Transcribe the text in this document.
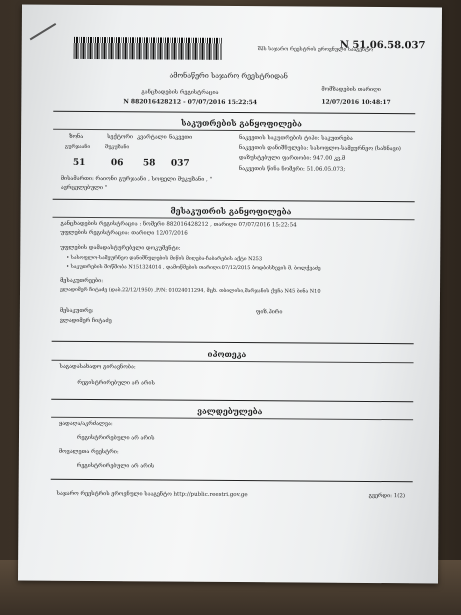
შპს საჯარო რეესტრის ეროვნული სააგენტო
N 51.06.58.037
ამონაწერი საჯარო რეესტრიდან
განცხადების რეგისტრაცია
N 882016428212 - 07/07/2016 15:22:54
მომზადების თარიღი
12/07/2016 10:48:17
საკუთრების განყოფილება
ზონა	სექტორი კვარტალი ნაკვეთი
გურჯაანი	მუკუზანი
51	06 58 037
მისამართი: რაიონი გურჯაანი , სოფელი მუკუზანი , "
ავრცელებული "
ნაკვეთის საკუთრების ტიპი: საკუთრება
ნაკვეთის დანიშნულება: სასოფლო-სამეურნეო (სახნავი)
დაზუსტებული ფართობი: 947.00 კვ.მ
ნაკვეთის წინა ნომერი: 51.06.05.073;
მესაკუთრის განყოფილება
განცხადების რეგისტრაცია : ნომერი 882016428212 , თარიღი 07/07/2016 15:22:54
უფლების რეგისტრაცია: თარიღი 12/07/2016
უფლების დამადასტურებელი დოკუმენტი:
• სასოფლო-სამეურნეო დანიშნულების მიწის მიღება-ჩაბარების აქტი N253
• საკუთრების მოწმობა N151324014 , დამოწმების თარიღი:07/12/2015 ბოდბისხევის მ. ბოლქვაძე
მესაკუთრეები:
ვლადიმერ ჩიტაძე (დაბ.22/12/1950) ,P/N: 01024011294, მცხ. თბილისი,მარჯანის ქუჩა N45 ბინა N10
მესაკუთრე:	ფიზ.პირი
ვლადიმერ ჩიტაძე
იპოთეკა
საგადასახადო გირავნობა:
რეგისტრირებული არ არის
ვალდებულება
ყადაღა/აკრძალვა:
რეგისტრირებული არ არის
მოვალეთა რეესტრი:
რეგისტრირებული არ არის
საჯარო რეესტრის ეროვნული სააგენტო http://public.reestri.gov.ge	გვერდი: 1(2)
